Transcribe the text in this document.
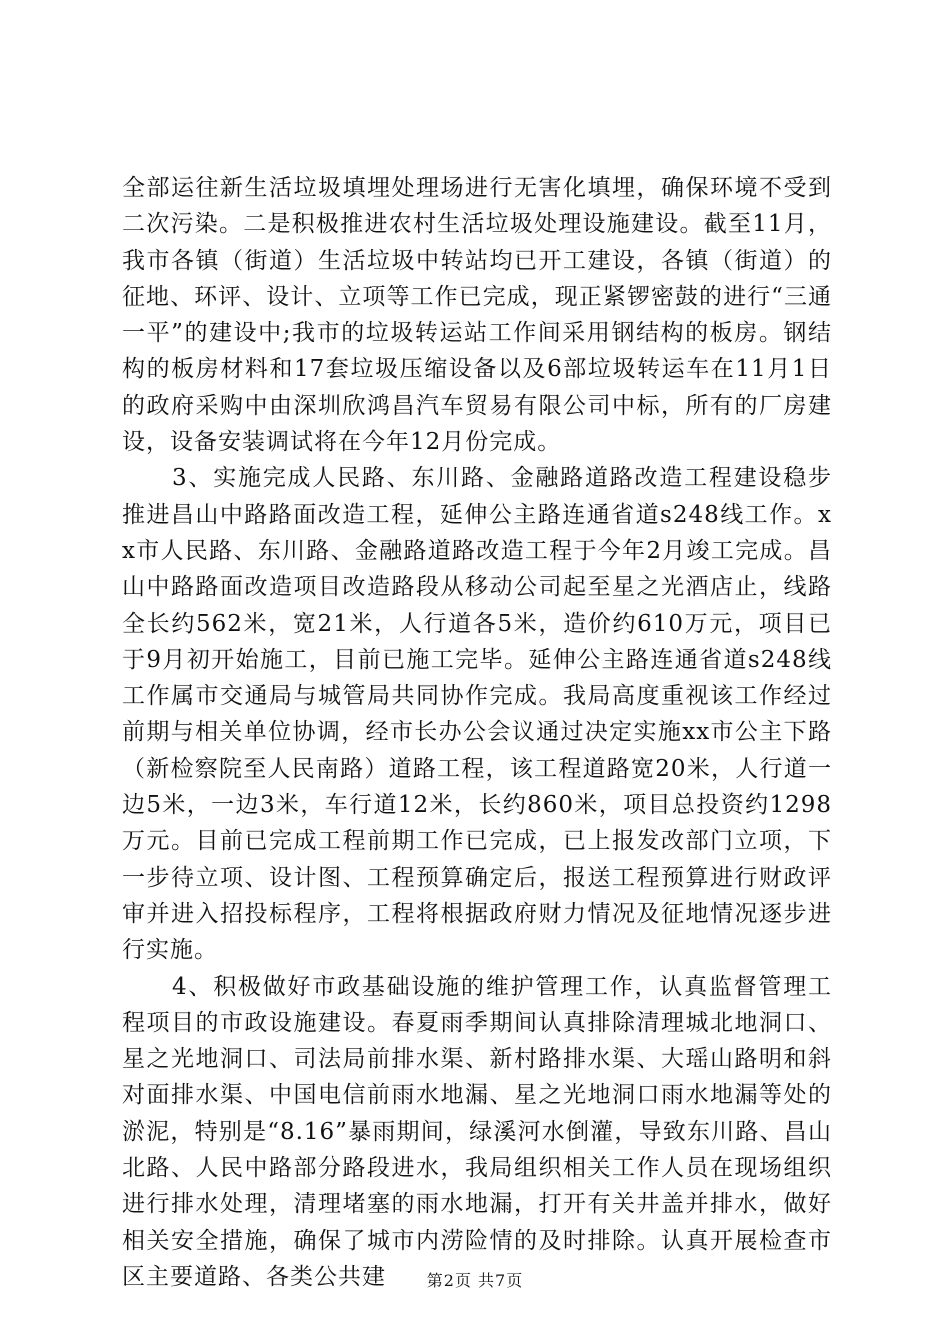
全部运往新生活垃圾填埋处理场进行无害化填埋，确保环境不受到二次污染。二是积极推进农村生活垃圾处理设施建设。截至11月，我市各镇（街道）生活垃圾中转站均已开工建设，各镇（街道）的征地、环评、设计、立项等工作已完成，现正紧锣密鼓的进行“三通一平”的建设中;我市的垃圾转运站工作间采用钢结构的板房。钢结构的板房材料和17套垃圾压缩设备以及6部垃圾转运车在11月1日的政府采购中由深圳欣鸿昌汽车贸易有限公司中标，所有的厂房建设，设备安装调试将在今年12月份完成。

3、实施完成人民路、东川路、金融路道路改造工程建设稳步推进昌山中路路面改造工程，延伸公主路连通省道s248线工作。xx市人民路、东川路、金融路道路改造工程于今年2月竣工完成。昌山中路路面改造项目改造路段从移动公司起至星之光酒店止，线路全长约562米，宽21米，人行道各5米，造价约610万元，项目已于9月初开始施工，目前已施工完毕。延伸公主路连通省道s248线工作属市交通局与城管局共同协作完成。我局高度重视该工作经过前期与相关单位协调，经市长办公会议通过决定实施xx市公主下路（新检察院至人民南路）道路工程，该工程道路宽20米，人行道一边5米，一边3米，车行道12米，长约860米，项目总投资约1298万元。目前已完成工程前期工作已完成，已上报发改部门立项，下一步待立项、设计图、工程预算确定后，报送工程预算进行财政评审并进入招投标程序，工程将根据政府财力情况及征地情况逐步进行实施。

4、积极做好市政基础设施的维护管理工作，认真监督管理工程项目的市政设施建设。春夏雨季期间认真排除清理城北地洞口、星之光地洞口、司法局前排水渠、新村路排水渠、大瑶山路明和斜对面排水渠、中国电信前雨水地漏、星之光地洞口雨水地漏等处的淤泥，特别是“8.16”暴雨期间，绿溪河水倒灌，导致东川路、昌山北路、人民中路部分路段进水，我局组织相关工作人员在现场组织进行排水处理，清理堵塞的雨水地漏，打开有关井盖并排水，做好相关安全措施，确保了城市内涝险情的及时排除。认真开展检查市区主要道路、各类公共建	第2页 共7页
